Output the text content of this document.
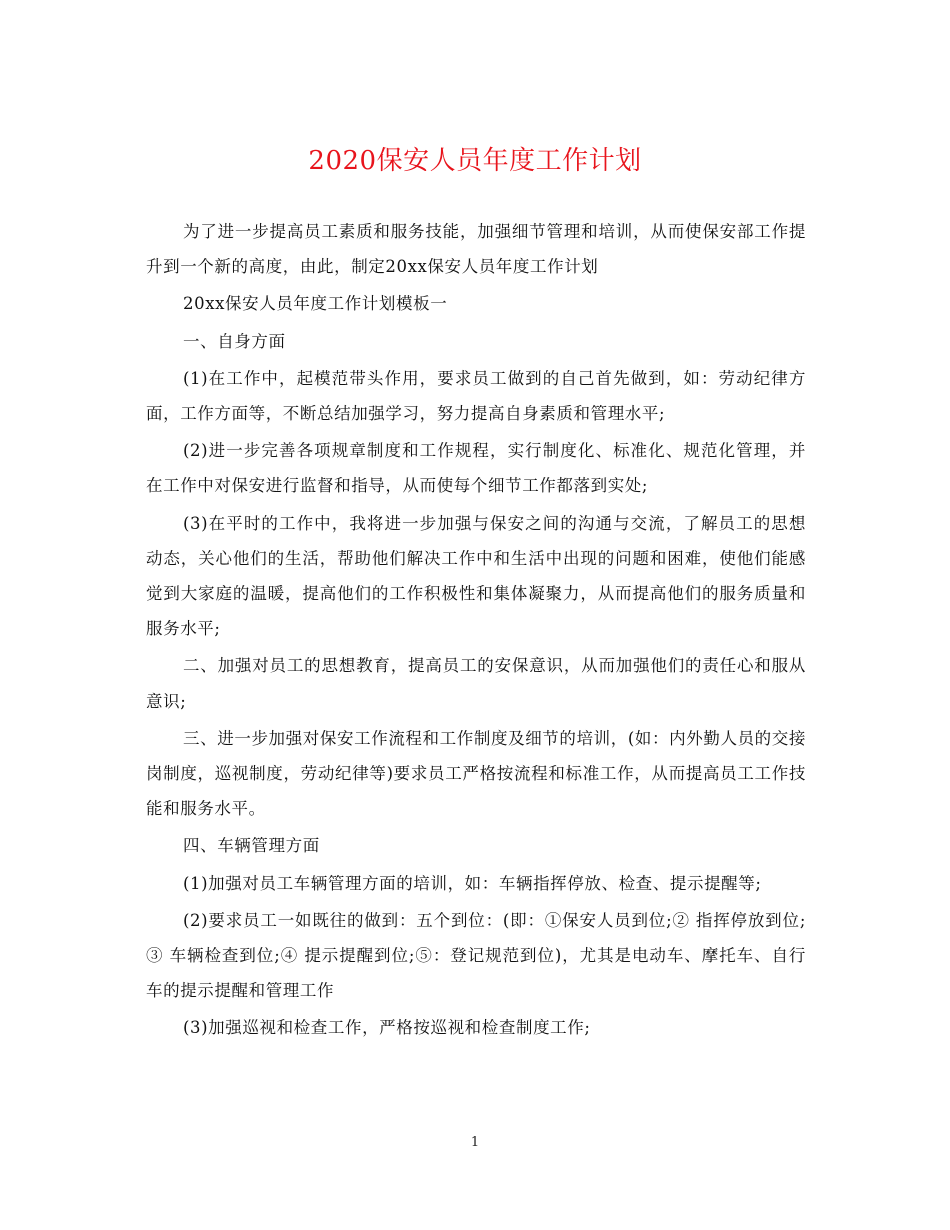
2020保安人员年度工作计划

为了进一步提高员工素质和服务技能，加强细节管理和培训，从而使保安部工作提升到一个新的高度，由此，制定20xx保安人员年度工作计划

20xx保安人员年度工作计划模板一

一、自身方面

(1)在工作中，起模范带头作用，要求员工做到的自己首先做到，如：劳动纪律方面，工作方面等，不断总结加强学习，努力提高自身素质和管理水平;

(2)进一步完善各项规章制度和工作规程，实行制度化、标准化、规范化管理，并在工作中对保安进行监督和指导，从而使每个细节工作都落到实处;

(3)在平时的工作中，我将进一步加强与保安之间的沟通与交流，了解员工的思想动态，关心他们的生活，帮助他们解决工作中和生活中出现的问题和困难，使他们能感觉到大家庭的温暖，提高他们的工作积极性和集体凝聚力，从而提高他们的服务质量和服务水平;

二、加强对员工的思想教育，提高员工的安保意识，从而加强他们的责任心和服从意识;

三、进一步加强对保安工作流程和工作制度及细节的培训，(如：内外勤人员的交接岗制度，巡视制度，劳动纪律等)要求员工严格按流程和标准工作，从而提高员工工作技能和服务水平。

四、车辆管理方面

(1)加强对员工车辆管理方面的培训，如：车辆指挥停放、检查、提示提醒等;

(2)要求员工一如既往的做到：五个到位：(即：①保安人员到位;② 指挥停放到位;③ 车辆检查到位;④ 提示提醒到位;⑤：登记规范到位)，尤其是电动车、摩托车、自行车的提示提醒和管理工作

(3)加强巡视和检查工作，严格按巡视和检查制度工作;

1
